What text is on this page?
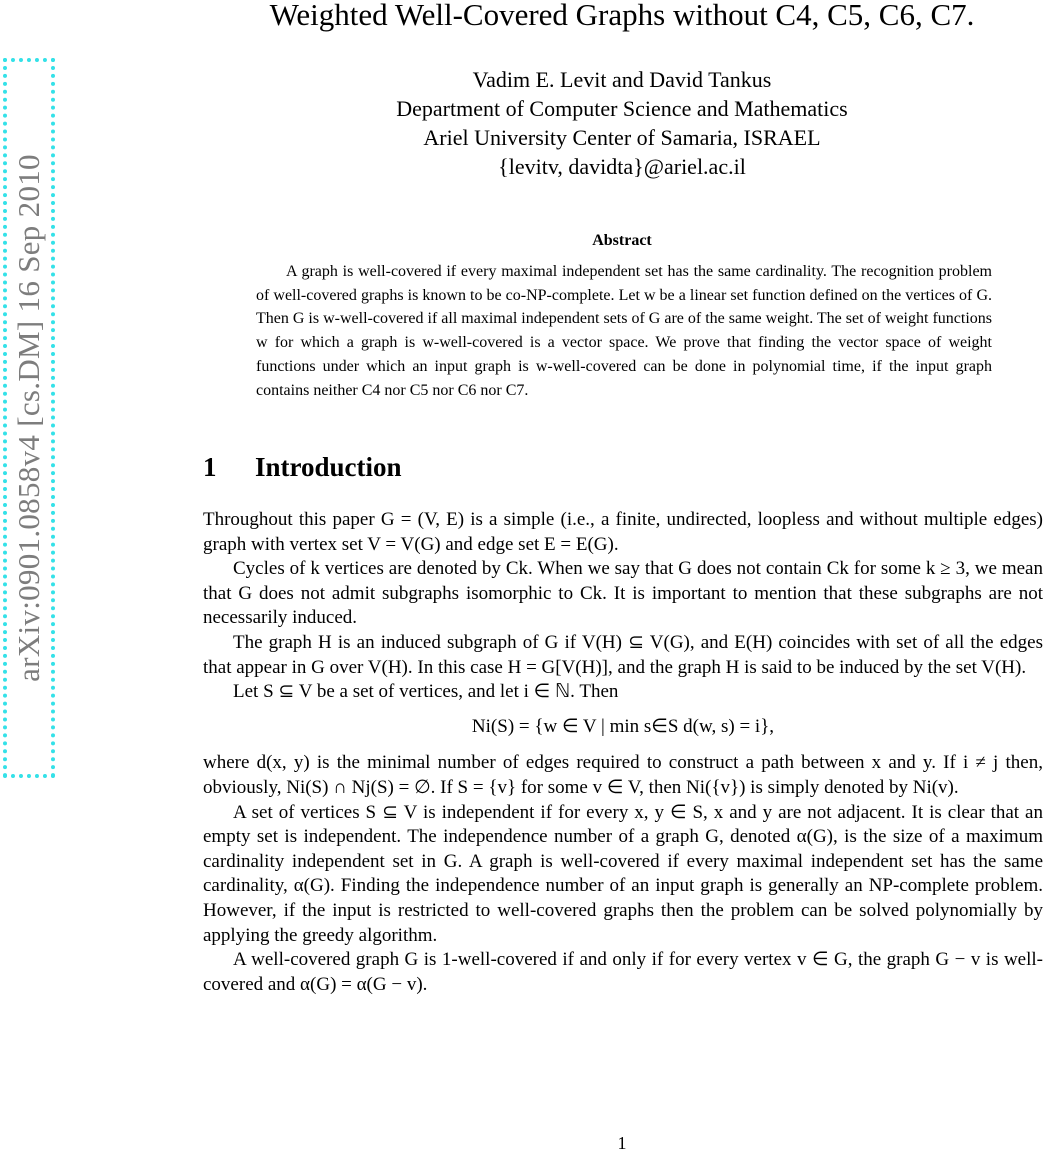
arXiv:0901.0858v4 [cs.DM] 16 Sep 2010
Weighted Well-Covered Graphs without C4, C5, C6, C7.
Vadim E. Levit and David Tankus
Department of Computer Science and Mathematics
Ariel University Center of Samaria, ISRAEL
{levitv, davidta}@ariel.ac.il
Abstract

A graph is well-covered if every maximal independent set has the same cardinality. The recognition problem of well-covered graphs is known to be co-NP-complete. Let w be a linear set function defined on the vertices of G. Then G is w-well-covered if all maximal independent sets of G are of the same weight. The set of weight functions w for which a graph is w-well-covered is a vector space. We prove that finding the vector space of weight functions under which an input graph is w-well-covered can be done in polynomial time, if the input graph contains neither C4 nor C5 nor C6 nor C7.

1 Introduction

Throughout this paper G = (V, E) is a simple (i.e., a finite, undirected, loopless and without multiple edges) graph with vertex set V = V(G) and edge set E = E(G).

Cycles of k vertices are denoted by Ck. When we say that G does not contain Ck for some k ≥ 3, we mean that G does not admit subgraphs isomorphic to Ck. It is important to mention that these subgraphs are not necessarily induced.

The graph H is an induced subgraph of G if V(H) ⊆ V(G), and E(H) coincides with set of all the edges that appear in G over V(H). In this case H = G[V(H)], and the graph H is said to be induced by the set V(H).

Let S ⊆ V be a set of vertices, and let i ∈ ℕ. Then

Ni(S) = {w ∈ V | min s∈S d(w, s) = i},

where d(x, y) is the minimal number of edges required to construct a path between x and y. If i ≠ j then, obviously, Ni(S) ∩ Nj(S) = ∅. If S = {v} for some v ∈ V, then Ni({v}) is simply denoted by Ni(v).

A set of vertices S ⊆ V is independent if for every x, y ∈ S, x and y are not adjacent. It is clear that an empty set is independent. The independence number of a graph G, denoted α(G), is the size of a maximum cardinality independent set in G. A graph is well-covered if every maximal independent set has the same cardinality, α(G). Finding the independence number of an input graph is generally an NP-complete problem. However, if the input is restricted to well-covered graphs then the problem can be solved polynomially by applying the greedy algorithm.

A well-covered graph G is 1-well-covered if and only if for every vertex v ∈ G, the graph G − v is well-covered and α(G) = α(G − v).

1
